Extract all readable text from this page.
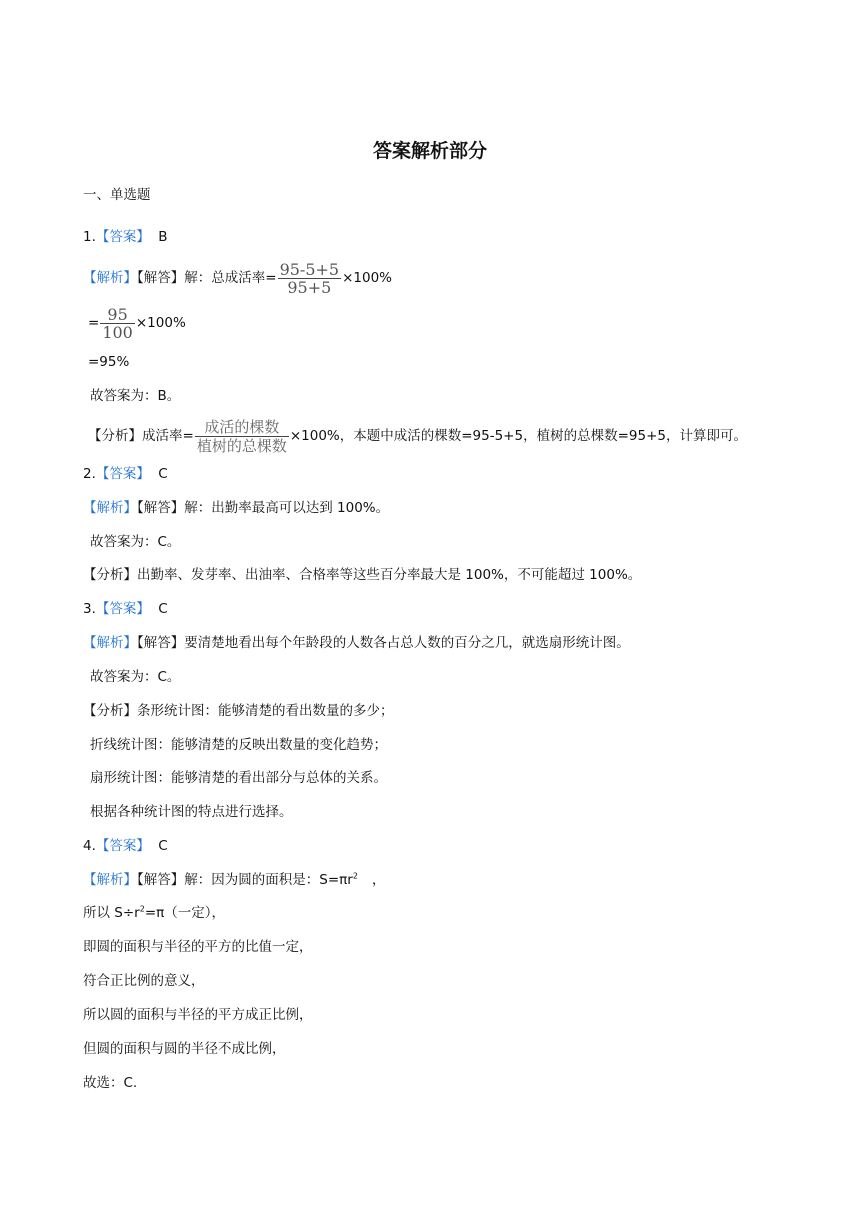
答案解析部分
一、单选题
1.【答案】 B
【解析】【解答】解：总成活率= $\frac{95-5+5}{95+5} \times 100\%$
= $\frac{95}{100} \times 100\%$
=95%
故答案为：B。
【分析】成活率= $\frac{\text{成活的棵数}}{\text{植树的总棵数}} \times 100\%$，本题中成活的棵数=95-5+5，植树的总棵数=95+5，计算即可。
2.【答案】 C
【解析】【解答】解：出勤率最高可以达到 100%。
故答案为：C。
【分析】出勤率、发芽率、出油率、合格率等这些百分率最大是 100%，不可能超过 100%。
3.【答案】 C
【解析】【解答】要清楚地看出每个年龄段的人数各占总人数的百分之几，就选扇形统计图。
故答案为：C。
【分析】条形统计图：能够清楚的看出数量的多少；
折线统计图：能够清楚的反映出数量的变化趋势；
扇形统计图：能够清楚的看出部分与总体的关系。
根据各种统计图的特点进行选择。
4.【答案】 C
【解析】【解答】解：因为圆的面积是：$S=\pi r^2$ ，
所以 $S\div r^2=\pi$（一定），
即圆的面积与半径的平方的比值一定，
符合正比例的意义，
所以圆的面积与半径的平方成正比例，
但圆的面积与圆的半径不成比例，
故选：C.
